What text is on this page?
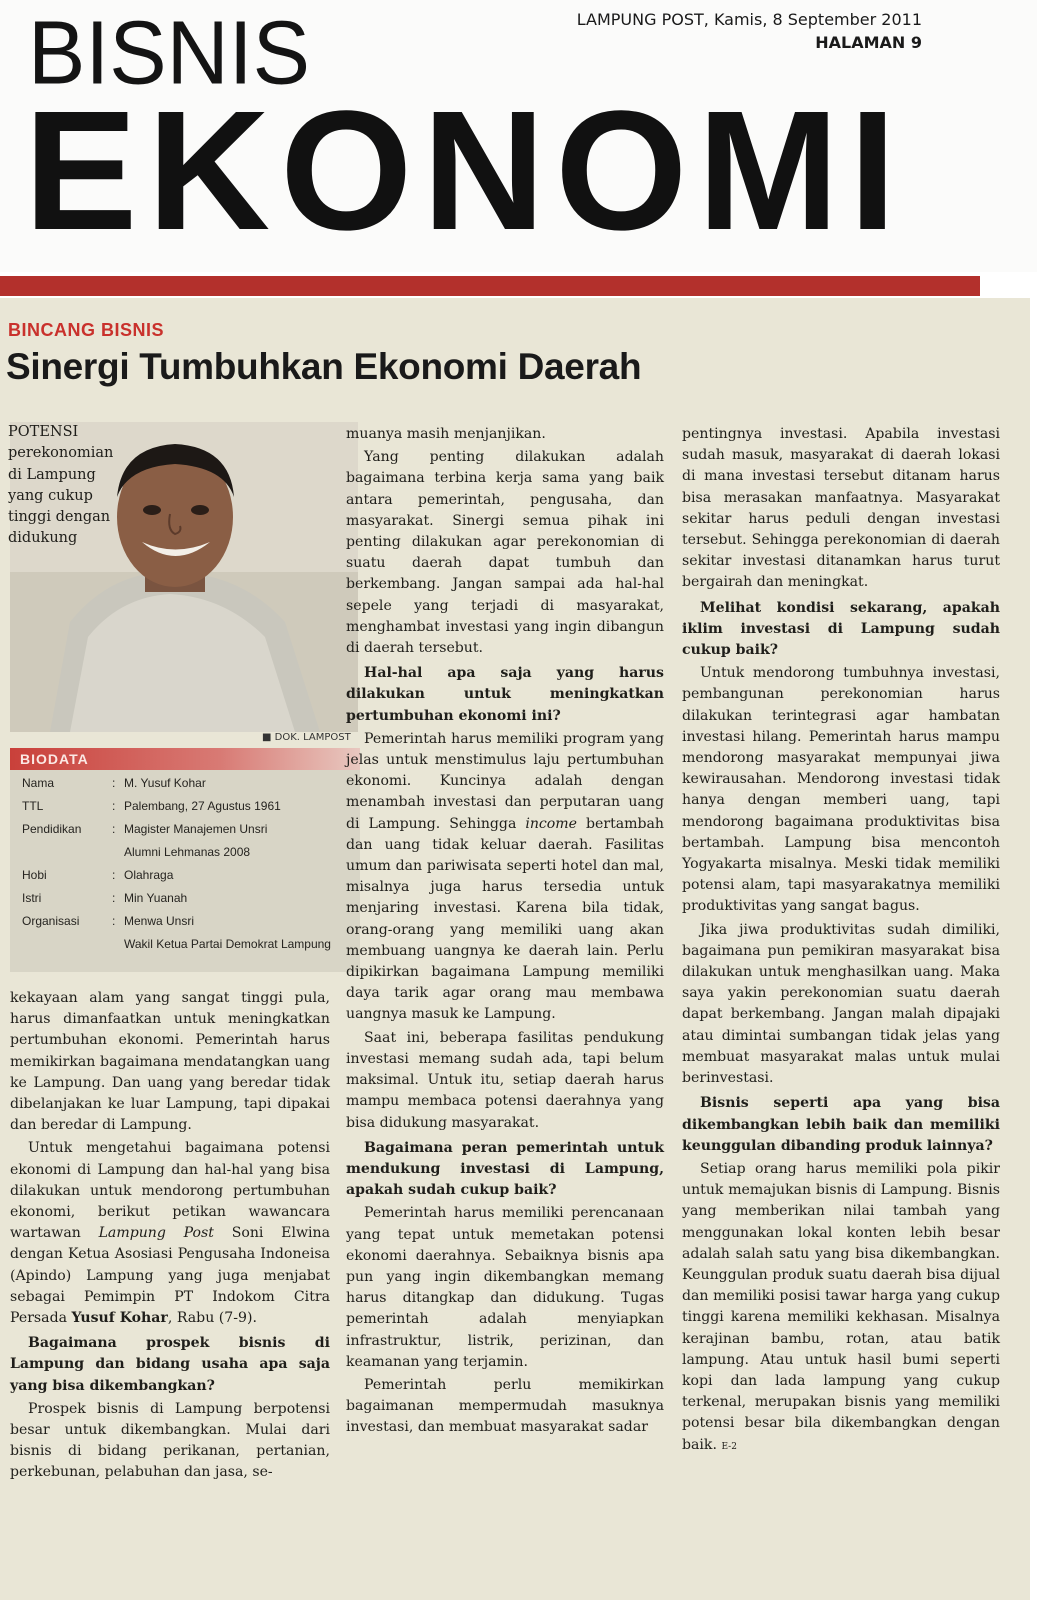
BISNIS
EKONOMI
LAMPUNG POST, Kamis, 8 September 2011
HALAMAN 9
BINCANG BISNIS
Sinergi Tumbuhkan Ekonomi Daerah
■ DOK. LAMPOST
POTENSI perekonomian di Lampung yang cukup tinggi dengan didukung
BIODATA
Nama	: M. Yusuf Kohar
TTL	: Palembang, 27 Agustus 1961
Pendidikan	: Magister Manajemen Unsri
Alumni Lehmanas 2008
Hobi	: Olahraga
Istri	: Min Yuanah
Organisasi	: Menwa Unsri
Wakil Ketua Partai Demokrat Lampung

kekayaan alam yang sangat tinggi pula, harus dimanfaatkan untuk meningkatkan pertumbuhan ekonomi. Pemerintah harus memikirkan bagaimana mendatangkan uang ke Lampung. Dan uang yang beredar tidak dibelanjakan ke luar Lampung, tapi dipakai dan beredar di Lampung.

Untuk mengetahui bagaimana potensi ekonomi di Lampung dan hal-hal yang bisa dilakukan untuk mendorong pertumbuhan ekonomi, berikut petikan wawancara wartawan Lampung Post Soni Elwina dengan Ketua Asosiasi Pengusaha Indoneisa (Apindo) Lampung yang juga menjabat sebagai Pemimpin PT Indokom Citra Persada Yusuf Kohar, Rabu (7-9).

Bagaimana prospek bisnis di Lampung dan bidang usaha apa saja yang bisa dikembangkan?

Prospek bisnis di Lampung berpotensi besar untuk dikembangkan. Mulai dari bisnis di bidang perikanan, pertanian, perkebunan, pelabuhan dan jasa, se-

muanya masih menjanjikan.

Yang penting dilakukan adalah bagaimana terbina kerja sama yang baik antara pemerintah, pengusaha, dan masyarakat. Sinergi semua pihak ini penting dilakukan agar perekonomian di suatu daerah dapat tumbuh dan berkembang. Jangan sampai ada hal-hal sepele yang terjadi di masyarakat, menghambat investasi yang ingin dibangun di daerah tersebut.

Hal-hal apa saja yang harus dilakukan untuk meningkatkan pertumbuhan ekonomi ini?

Pemerintah harus memiliki program yang jelas untuk menstimulus laju pertumbuhan ekonomi. Kuncinya adalah dengan menambah investasi dan perputaran uang di Lampung. Sehingga income bertambah dan uang tidak keluar daerah. Fasilitas umum dan pariwisata seperti hotel dan mal, misalnya juga harus tersedia untuk menjaring investasi. Karena bila tidak, orang-orang yang memiliki uang akan membuang uangnya ke daerah lain. Perlu dipikirkan bagaimana Lampung memiliki daya tarik agar orang mau membawa uangnya masuk ke Lampung.

Saat ini, beberapa fasilitas pendukung investasi memang sudah ada, tapi belum maksimal. Untuk itu, setiap daerah harus mampu membaca potensi daerahnya yang bisa didukung masyarakat.

Bagaimana peran pemerintah untuk mendukung investasi di Lampung, apakah sudah cukup baik?

Pemerintah harus memiliki perencanaan yang tepat untuk memetakan potensi ekonomi daerahnya. Sebaiknya bisnis apa pun yang ingin dikembangkan memang harus ditangkap dan didukung. Tugas pemerintah adalah menyiapkan infrastruktur, listrik, perizinan, dan keamanan yang terjamin.

Pemerintah perlu memikirkan bagaimanan mempermudah masuknya investasi, dan membuat masyarakat sadar

pentingnya investasi. Apabila investasi sudah masuk, masyarakat di daerah lokasi di mana investasi tersebut ditanam harus bisa merasakan manfaatnya. Masyarakat sekitar harus peduli dengan investasi tersebut. Sehingga perekonomian di daerah sekitar investasi ditanamkan harus turut bergairah dan meningkat.

Melihat kondisi sekarang, apakah iklim investasi di Lampung sudah cukup baik?

Untuk mendorong tumbuhnya investasi, pembangunan perekonomian harus dilakukan terintegrasi agar hambatan investasi hilang. Pemerintah harus mampu mendorong masyarakat mempunyai jiwa kewirausahan. Mendorong investasi tidak hanya dengan memberi uang, tapi mendorong bagaimana produktivitas bisa bertambah. Lampung bisa mencontoh Yogyakarta misalnya. Meski tidak memiliki potensi alam, tapi masyarakatnya memiliki produktivitas yang sangat bagus.

Jika jiwa produktivitas sudah dimiliki, bagaimana pun pemikiran masyarakat bisa dilakukan untuk menghasilkan uang. Maka saya yakin perekonomian suatu daerah dapat berkembang. Jangan malah dipajaki atau dimintai sumbangan tidak jelas yang membuat masyarakat malas untuk mulai berinvestasi.

Bisnis seperti apa yang bisa dikembangkan lebih baik dan memiliki keunggulan dibanding produk lainnya?

Setiap orang harus memiliki pola pikir untuk memajukan bisnis di Lampung. Bisnis yang memberikan nilai tambah yang menggunakan lokal konten lebih besar adalah salah satu yang bisa dikembangkan. Keunggulan produk suatu daerah bisa dijual dan memiliki posisi tawar harga yang cukup tinggi karena memiliki kekhasan. Misalnya kerajinan bambu, rotan, atau batik lampung. Atau untuk hasil bumi seperti kopi dan lada lampung yang cukup terkenal, merupakan bisnis yang memiliki potensi besar bila dikembangkan dengan baik. E-2
